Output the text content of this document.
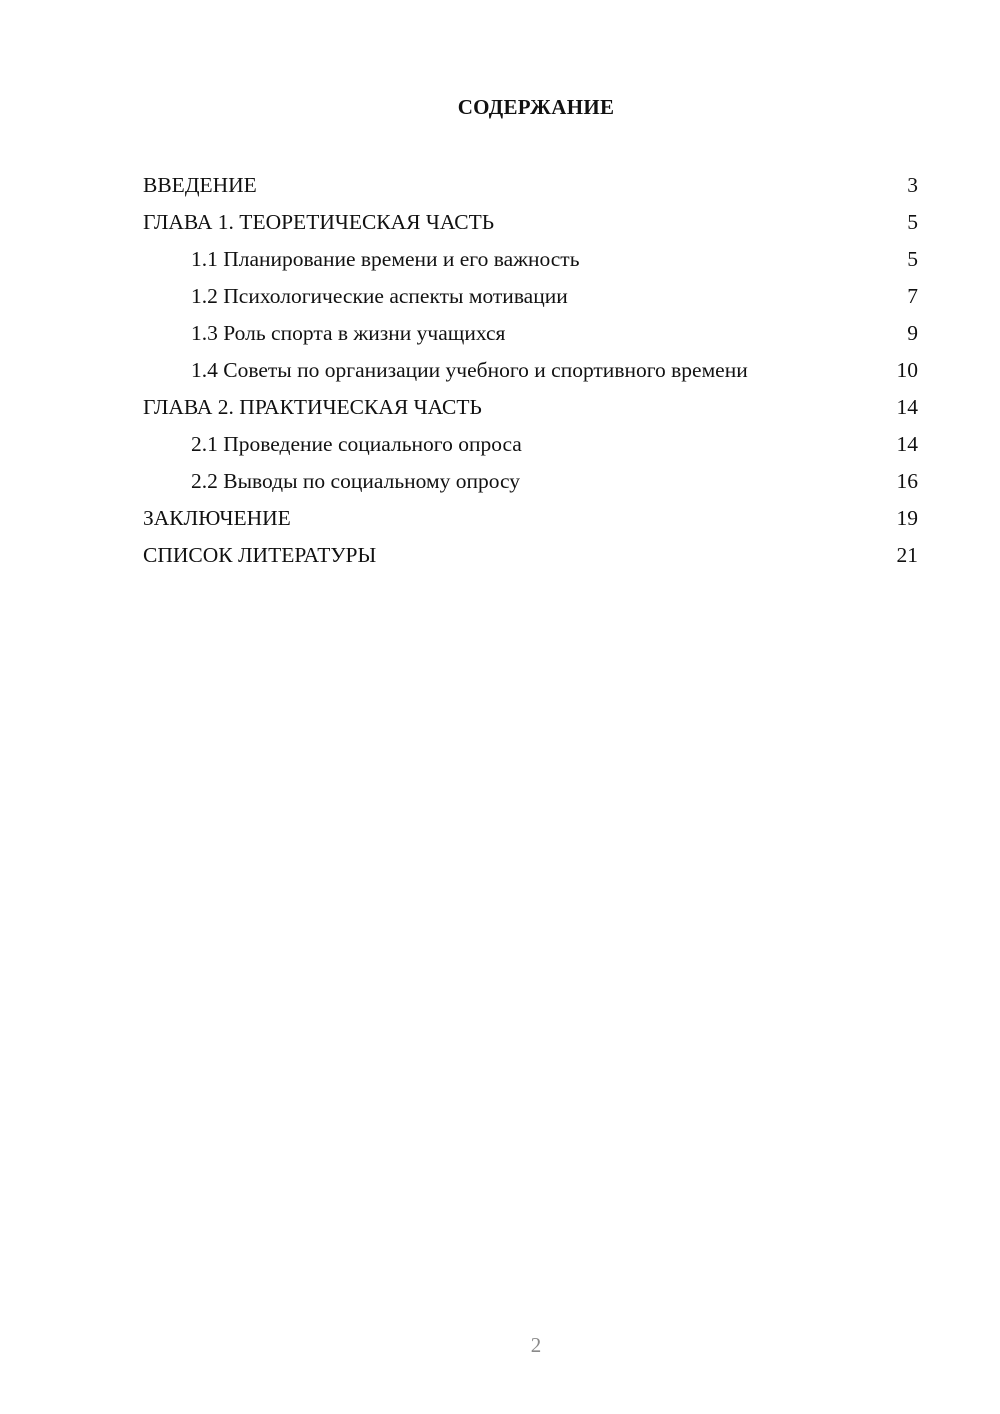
СОДЕРЖАНИЕ
ВВЕДЕНИЕ	3
ГЛАВА 1. ТЕОРЕТИЧЕСКАЯ ЧАСТЬ	5
1.1 Планирование времени и его важность	5
1.2 Психологические аспекты мотивации	7
1.3 Роль спорта в жизни учащихся	9
1.4 Советы по организации учебного и спортивного времени	10
ГЛАВА 2. ПРАКТИЧЕСКАЯ ЧАСТЬ	14
2.1 Проведение социального опроса	14
2.2 Выводы по социальному опросу	16
ЗАКЛЮЧЕНИЕ	19
СПИСОК ЛИТЕРАТУРЫ	21
2
